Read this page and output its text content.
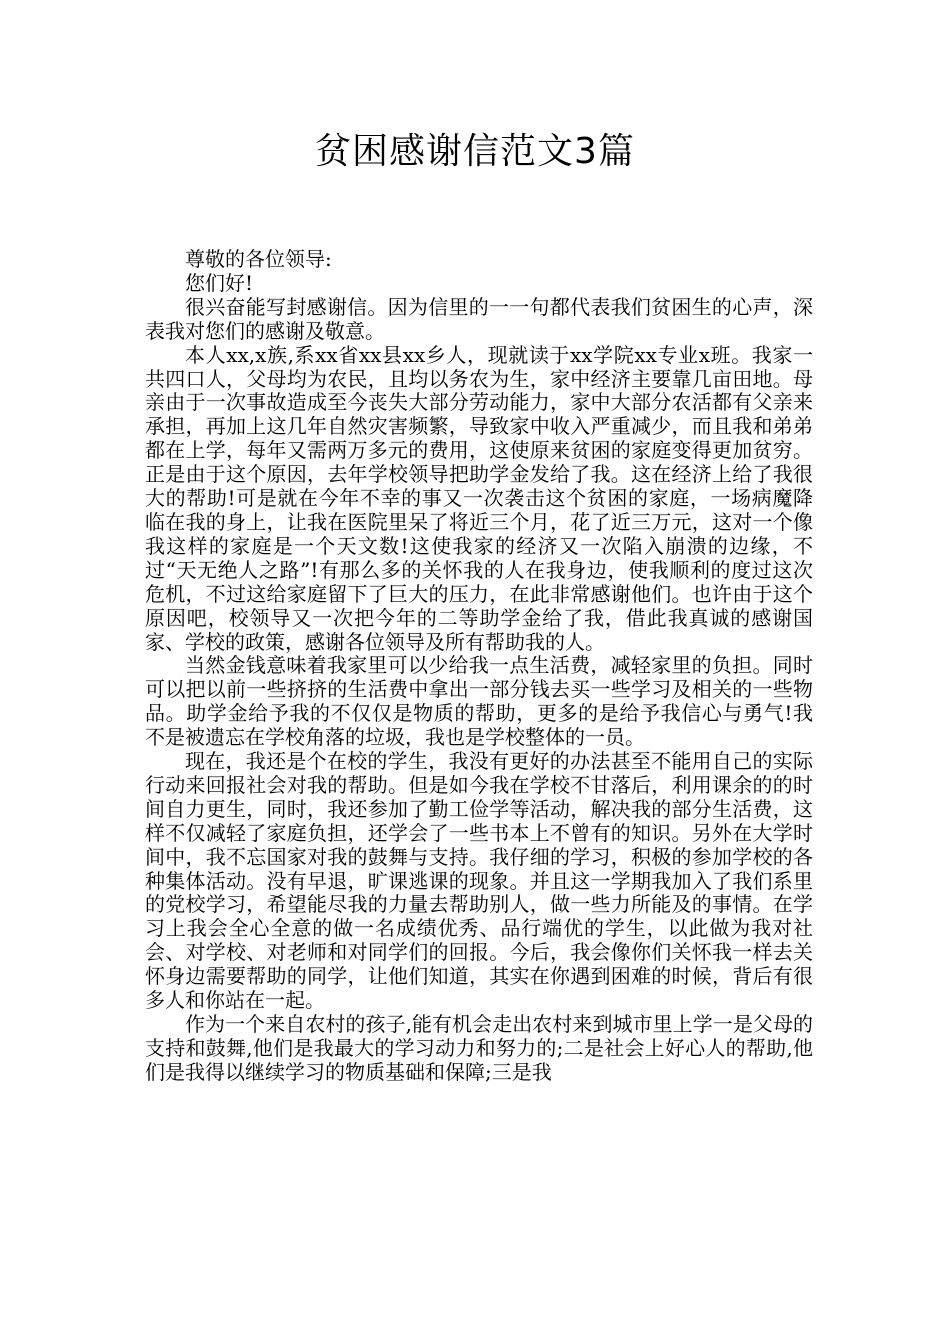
贫困感谢信范文3篇

尊敬的各位领导:

您们好!

很兴奋能写封感谢信。因为信里的一一句都代表我们贫困生的心声，深表我对您们的感谢及敬意。

本人xx,x族,系xx省xx县xx乡人，现就读于xx学院xx专业x班。我家一共四口人，父母均为农民，且均以务农为生，家中经济主要靠几亩田地。母亲由于一次事故造成至今丧失大部分劳动能力，家中大部分农活都有父亲来承担，再加上这几年自然灾害频繁，导致家中收入严重减少，而且我和弟弟都在上学，每年又需两万多元的费用，这使原来贫困的家庭变得更加贫穷。正是由于这个原因，去年学校领导把助学金发给了我。这在经济上给了我很大的帮助!可是就在今年不幸的事又一次袭击这个贫困的家庭，一场病魔降临在我的身上，让我在医院里呆了将近三个月，花了近三万元，这对一个像我这样的家庭是一个天文数!这使我家的经济又一次陷入崩溃的边缘，不过“天无绝人之路”!有那么多的关怀我的人在我身边，使我顺利的度过这次危机，不过这给家庭留下了巨大的压力，在此非常感谢他们。也许由于这个原因吧，校领导又一次把今年的二等助学金给了我，借此我真诚的感谢国家、学校的政策，感谢各位领导及所有帮助我的人。

当然金钱意味着我家里可以少给我一点生活费，减轻家里的负担。同时可以把以前一些挤挤的生活费中拿出一部分钱去买一些学习及相关的一些物品。助学金给予我的不仅仅是物质的帮助，更多的是给予我信心与勇气!我不是被遗忘在学校角落的垃圾，我也是学校整体的一员。

现在，我还是个在校的学生，我没有更好的办法甚至不能用自己的实际行动来回报社会对我的帮助。但是如今我在学校不甘落后，利用课余的的时间自力更生，同时，我还参加了勤工俭学等活动，解决我的部分生活费，这样不仅减轻了家庭负担，还学会了一些书本上不曾有的知识。另外在大学时间中，我不忘国家对我的鼓舞与支持。我仔细的学习，积极的参加学校的各种集体活动。没有早退，旷课逃课的现象。并且这一学期我加入了我们系里的党校学习，希望能尽我的力量去帮助别人，做一些力所能及的事情。在学习上我会全心全意的做一名成绩优秀、品行端优的学生，以此做为我对社会、对学校、对老师和对同学们的回报。今后，我会像你们关怀我一样去关怀身边需要帮助的同学，让他们知道，其实在你遇到困难的时候，背后有很多人和你站在一起。

作为一个来自农村的孩子,能有机会走出农村来到城市里上学一是父母的支持和鼓舞,他们是我最大的学习动力和努力的;二是社会上好心人的帮助,他们是我得以继续学习的物质基础和保障;三是我
